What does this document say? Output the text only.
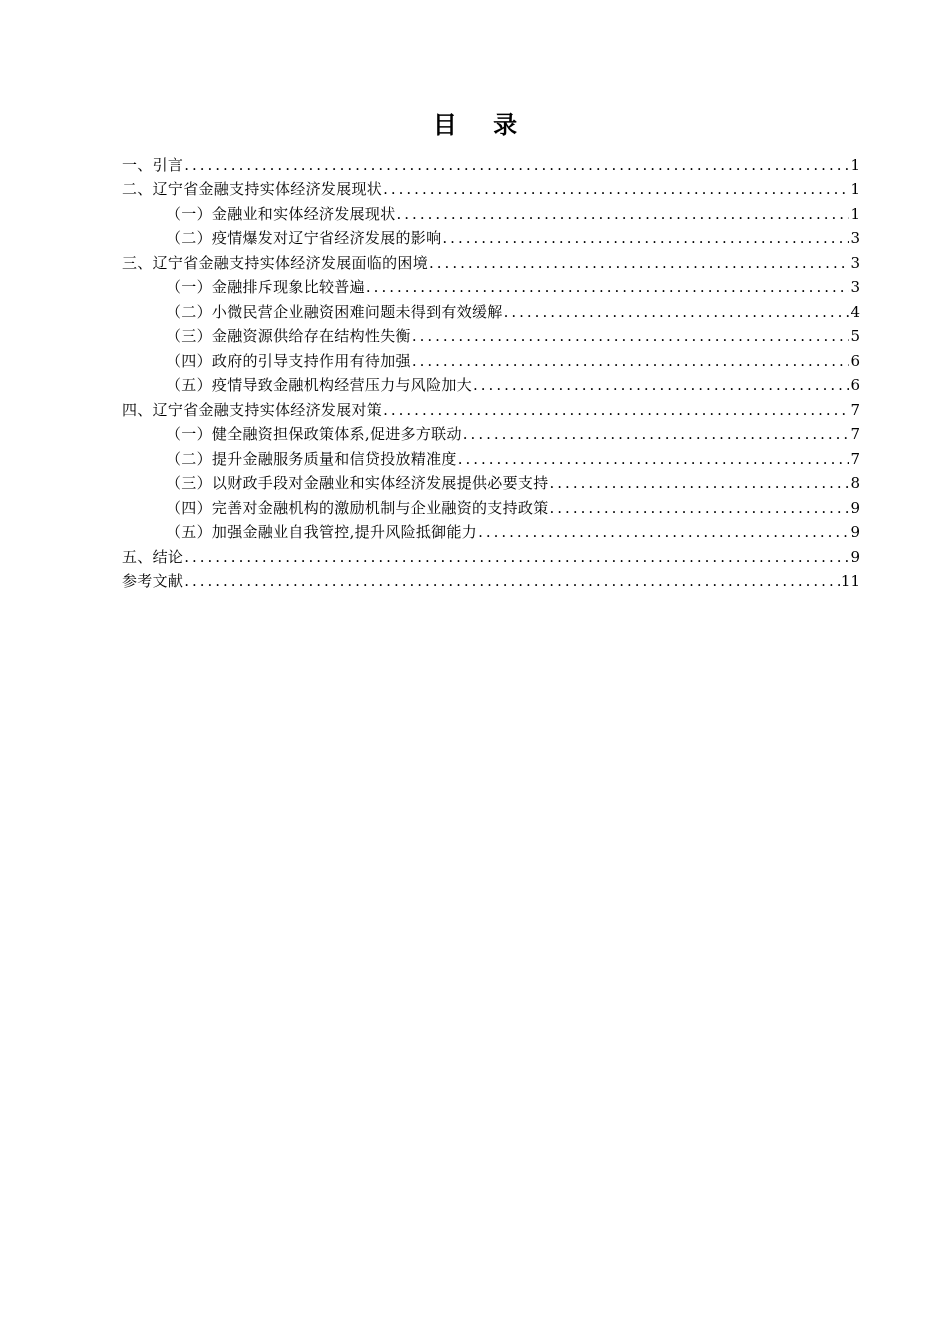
目 录
一、引言 .....	1
二、辽宁省金融支持实体经济发展现状 .....	1
（一）金融业和实体经济发展现状 .....	1
（二）疫情爆发对辽宁省经济发展的影响 .....	3
三、辽宁省金融支持实体经济发展面临的困境 .....	3
（一）金融排斥现象比较普遍 .....	3
（二）小微民营企业融资困难问题未得到有效缓解 .....	4
（三）金融资源供给存在结构性失衡 .....	5
（四）政府的引导支持作用有待加强 .....	6
（五）疫情导致金融机构经营压力与风险加大 .....	6
四、辽宁省金融支持实体经济发展对策 .....	7
（一）健全融资担保政策体系,促进多方联动 .....	7
（二）提升金融服务质量和信贷投放精准度 .....	7
（三）以财政手段对金融业和实体经济发展提供必要支持 .....	8
（四）完善对金融机构的激励机制与企业融资的支持政策 .....	9
（五）加强金融业自我管控,提升风险抵御能力 .....	9
五、结论 .....	9
参考文献 .....	11
